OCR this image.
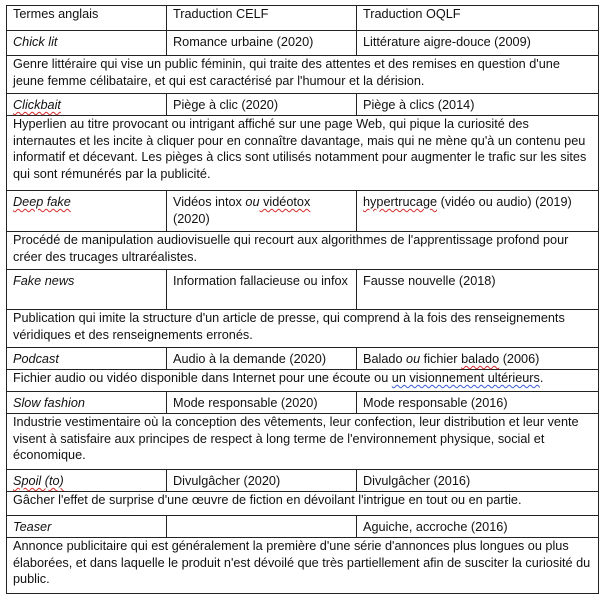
Termes anglais	Traduction CELF	Traduction OQLF
Chick lit	Romance urbaine (2020)	Littérature aigre-douce (2009)
Genre littéraire qui vise un public féminin, qui traite des attentes et des remises en question d'une jeune femme célibataire, et qui est caractérisé par l'humour et la dérision.		
Clickbait	Piège à clic (2020)	Piège à clics (2014)
Hyperlien au titre provocant ou intrigant affiché sur une page Web, qui pique la curiosité des internautes et les incite à cliquer pour en connaître davantage, mais qui ne mène qu'à un contenu peu informatif et décevant. Les pièges à clics sont utilisés notamment pour augmenter le trafic sur les sites qui sont rémunérés par la publicité.		
Deep fake	Vidéos intox ou vidéotox (2020)	hypertrucage (vidéo ou audio) (2019)
Procédé de manipulation audiovisuelle qui recourt aux algorithmes de l'apprentissage profond pour créer des trucages ultraréalistes.		
Fake news	Information fallacieuse ou infox	Fausse nouvelle (2018)
Publication qui imite la structure d'un article de presse, qui comprend à la fois des renseignements véridiques et des renseignements erronés.		
Podcast	Audio à la demande (2020)	Balado ou fichier balado (2006)
Fichier audio ou vidéo disponible dans Internet pour une écoute ou un visionnement ultérieurs.		
Slow fashion	Mode responsable (2020)	Mode responsable (2016)
Industrie vestimentaire où la conception des vêtements, leur confection, leur distribution et leur vente visent à satisfaire aux principes de respect à long terme de l'environnement physique, social et économique.		
Spoil (to)	Divulgâcher (2020)	Divulgâcher (2016)
Gâcher l'effet de surprise d'une œuvre de fiction en dévoilant l'intrigue en tout ou en partie.		
Teaser		Aguiche, accroche (2016)
Annonce publicitaire qui est généralement la première d'une série d'annonces plus longues ou plus élaborées, et dans laquelle le produit n'est dévoilé que très partiellement afin de susciter la curiosité du public.		
